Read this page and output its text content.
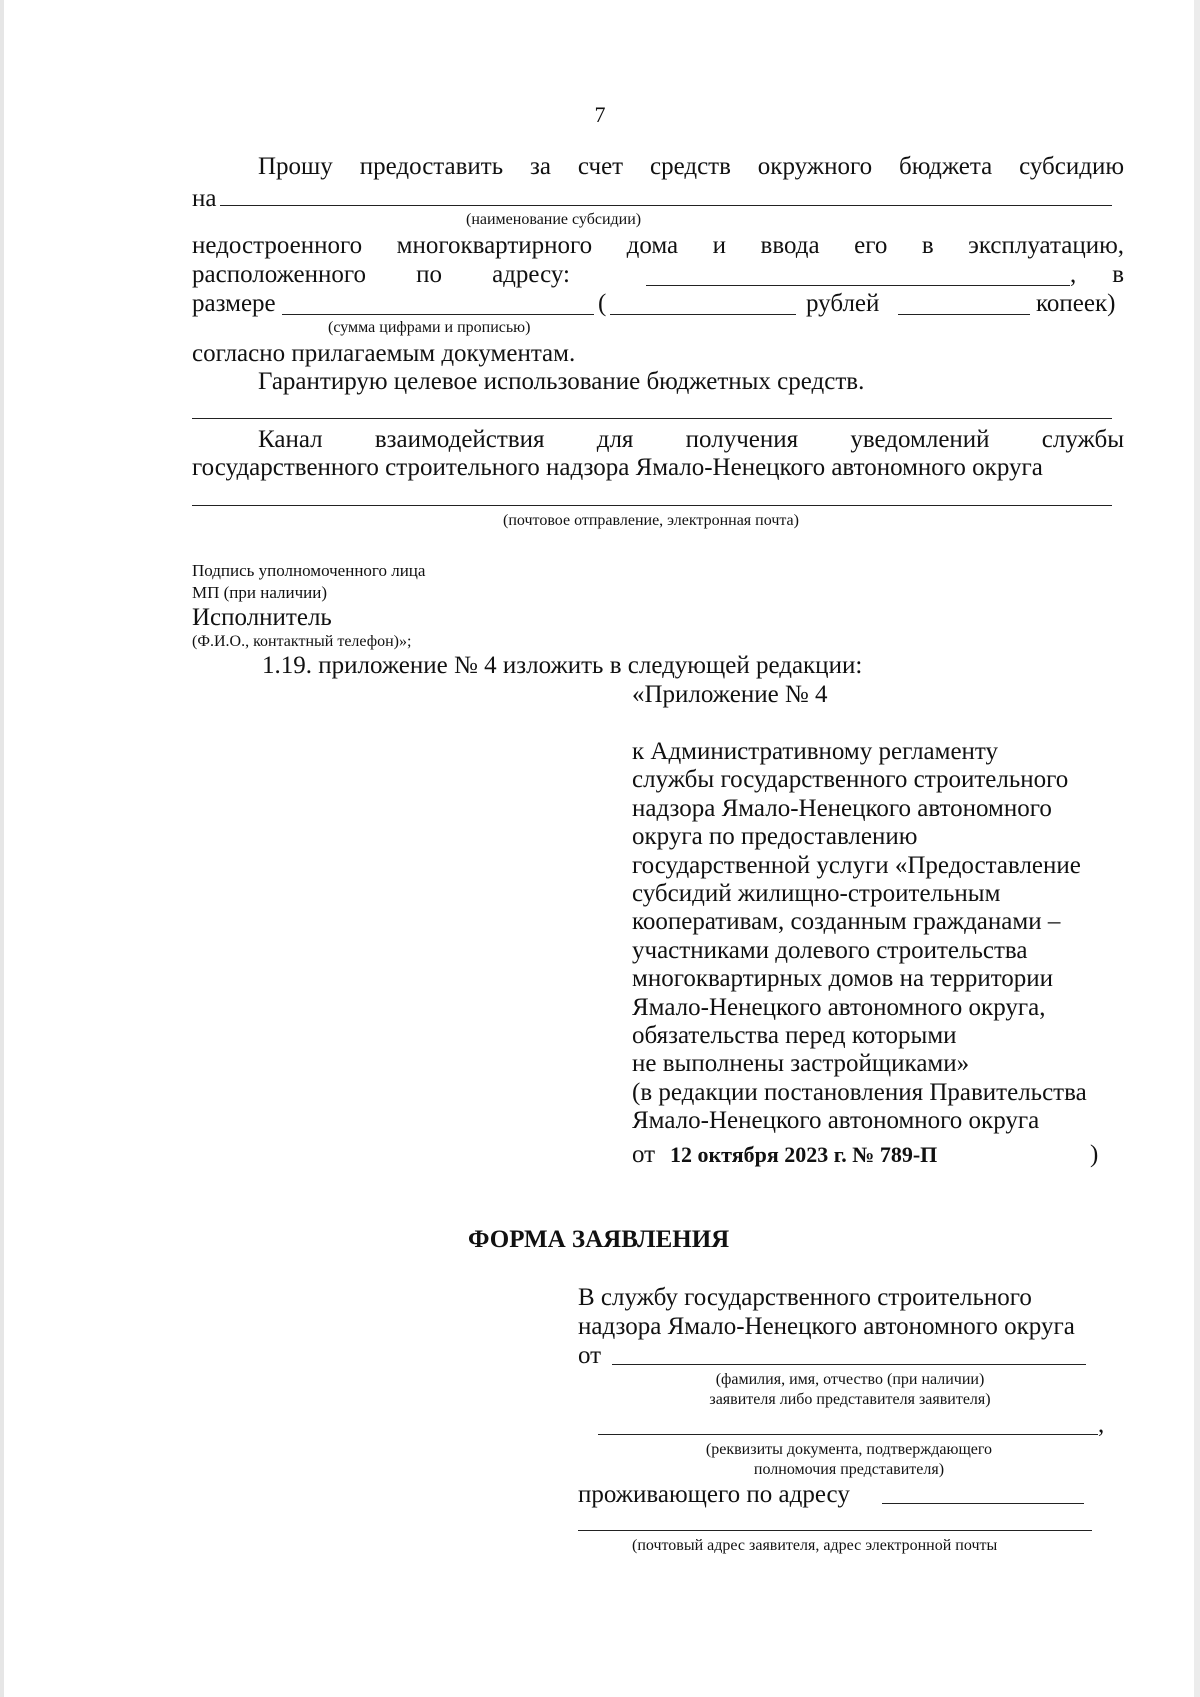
7
Прошу предоставить за счет средств окружного бюджета субсидию
на
(наименование субсидии)
недостроенного многоквартирного дома и ввода его в эксплуатацию,
расположенного по адресу:	, в
размере	(	рублей	копеек)
(сумма цифрами и прописью)
согласно прилагаемым документам.
Гарантирую целевое использование бюджетных средств.
Канал взаимодействия для получения уведомлений службы
государственного строительного надзора Ямало-Ненецкого автономного округа
(почтовое отправление, электронная почта)
Подпись уполномоченного лица
МП (при наличии)
Исполнитель
(Ф.И.О., контактный телефон)»;
1.19. приложение № 4 изложить в следующей редакции:
«Приложение № 4
к Административному регламенту
службы государственного строительного
надзора Ямало-Ненецкого автономного
округа по предоставлению
государственной услуги «Предоставление
субсидий жилищно-строительным
кооперативам, созданным гражданами –
участниками долевого строительства
многоквартирных домов на территории
Ямало-Ненецкого автономного округа,
обязательства перед которыми
не выполнены застройщиками»
(в редакции постановления Правительства
Ямало-Ненецкого автономного округа
от 12 октября 2023 г. № 789-П	)
ФОРМА ЗАЯВЛЕНИЯ
В службу государственного строительного
надзора Ямало-Ненецкого автономного округа
от
(фамилия, имя, отчество (при наличии)
заявителя либо представителя заявителя)
,
(реквизиты документа, подтверждающего
полномочия представителя)
проживающего по адресу
(почтовый адрес заявителя, адрес электронной почты
